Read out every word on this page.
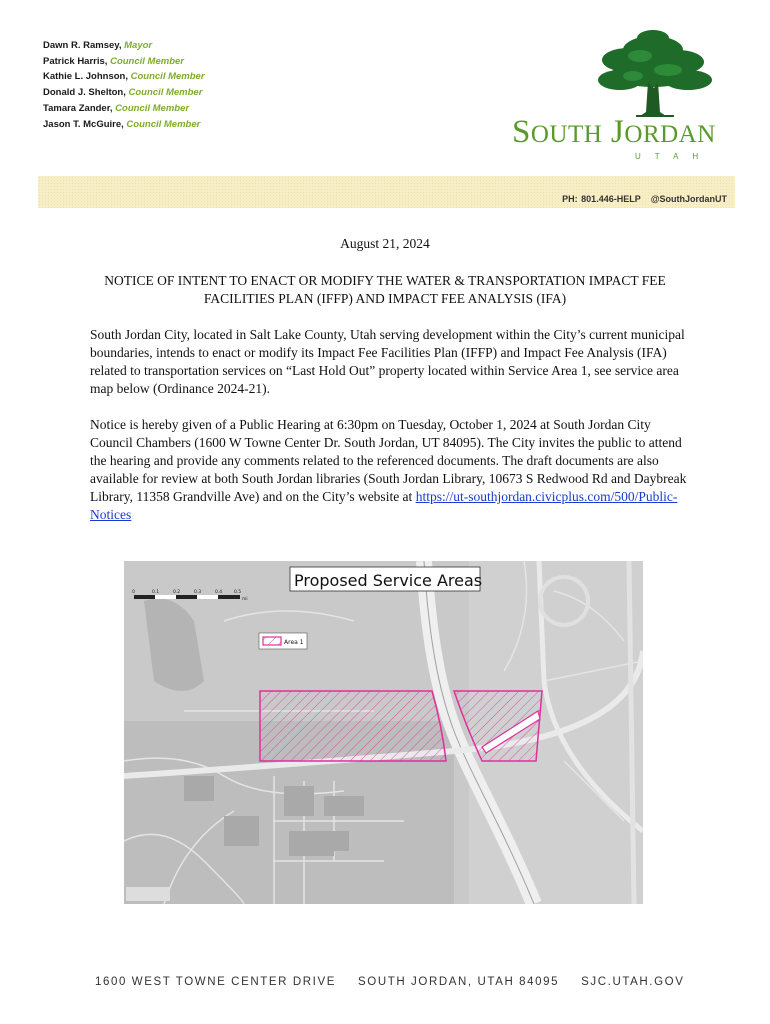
Dawn R. Ramsey, Mayor
Patrick Harris, Council Member
Kathie L. Johnson, Council Member
Donald J. Shelton, Council Member
Tamara Zander, Council Member
Jason T. McGuire, Council Member	SOUTH JORDAN
UTAH
PH: 801.446-HELP @SouthJordanUT
August 21, 2024
NOTICE OF INTENT TO ENACT OR MODIFY THE WATER & TRANSPORTATION IMPACT FEE FACILITIES PLAN (IFFP) AND IMPACT FEE ANALYSIS (IFA)
South Jordan City, located in Salt Lake County, Utah serving development within the City’s current municipal boundaries, intends to enact or modify its Impact Fee Facilities Plan (IFFP) and Impact Fee Analysis (IFA) related to transportation services on “Last Hold Out” property located within Service Area 1, see service area map below (Ordinance 2024-21).
Notice is hereby given of a Public Hearing at 6:30pm on Tuesday, October 1, 2024 at South Jordan City Council Chambers (1600 W Towne Center Dr. South Jordan, UT 84095). The City invites the public to attend the hearing and provide any comments related to the referenced documents. The draft documents are also available for review at both South Jordan libraries (South Jordan Library, 10673 S Redwood Rd and Daybreak Library, 11358 Grandville Ave) and on the City’s website at https://ut-southjordan.civicplus.com/500/Public-Notices
Proposed Service Areas
0	0.1	0.2	0.3	0.4	0.5
mi
Area 1
1600 WEST TOWNE CENTER DRIVE SOUTH JORDAN, UTAH 84095 SJC.UTAH.GOV
